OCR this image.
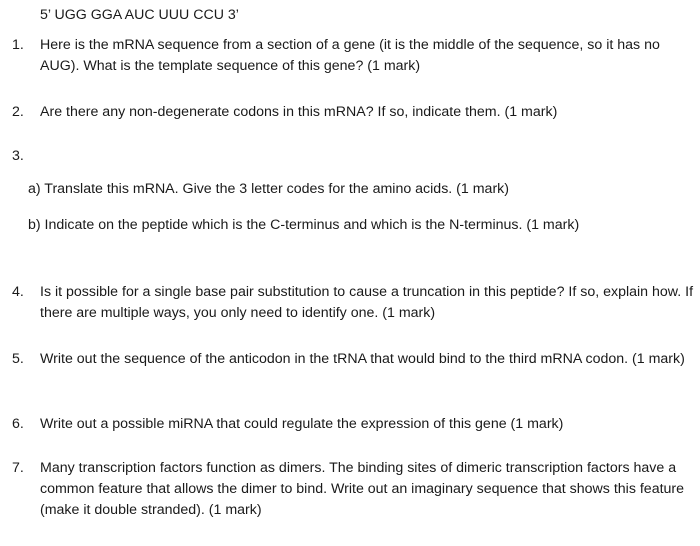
5’ UGG GGA AUC UUU CCU 3’
1. Here is the mRNA sequence from a section of a gene (it is the middle of the sequence, so it has no AUG). What is the template sequence of this gene? (1 mark)
2. Are there any non-degenerate codons in this mRNA? If so, indicate them. (1 mark)
3.
a) Translate this mRNA. Give the 3 letter codes for the amino acids. (1 mark)
b) Indicate on the peptide which is the C-terminus and which is the N-terminus. (1 mark)
4. Is it possible for a single base pair substitution to cause a truncation in this peptide? If so, explain how. If there are multiple ways, you only need to identify one. (1 mark)
5. Write out the sequence of the anticodon in the tRNA that would bind to the third mRNA codon. (1 mark)
6. Write out a possible miRNA that could regulate the expression of this gene (1 mark)
7. Many transcription factors function as dimers. The binding sites of dimeric transcription factors have a common feature that allows the dimer to bind. Write out an imaginary sequence that shows this feature (make it double stranded). (1 mark)
